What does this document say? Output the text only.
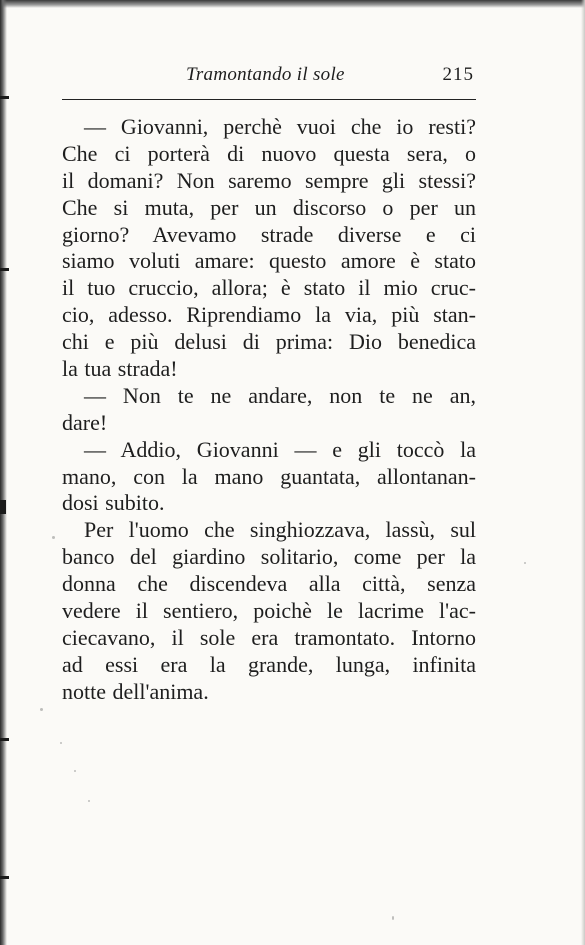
Tramontando il sole	215
— Giovanni, perchè vuoi che io resti?
Che ci porterà di nuovo questa sera, o
il domani? Non saremo sempre gli stessi?
Che si muta, per un discorso o per un
giorno? Avevamo strade diverse e ci
siamo voluti amare: questo amore è stato
il tuo cruccio, allora; è stato il mio cruc-
cio, adesso. Riprendiamo la via, più stan-
chi e più delusi di prima: Dio benedica
la tua strada!
— Non te ne andare, non te ne an,
dare!
— Addio, Giovanni — e gli toccò la
mano, con la mano guantata, allontanan-
dosi subito.
Per l'uomo che singhiozzava, lassù, sul
banco del giardino solitario, come per la
donna che discendeva alla città, senza
vedere il sentiero, poichè le lacrime l'ac-
ciecavano, il sole era tramontato. Intorno
ad essi era la grande, lunga, infinita
notte dell'anima.
